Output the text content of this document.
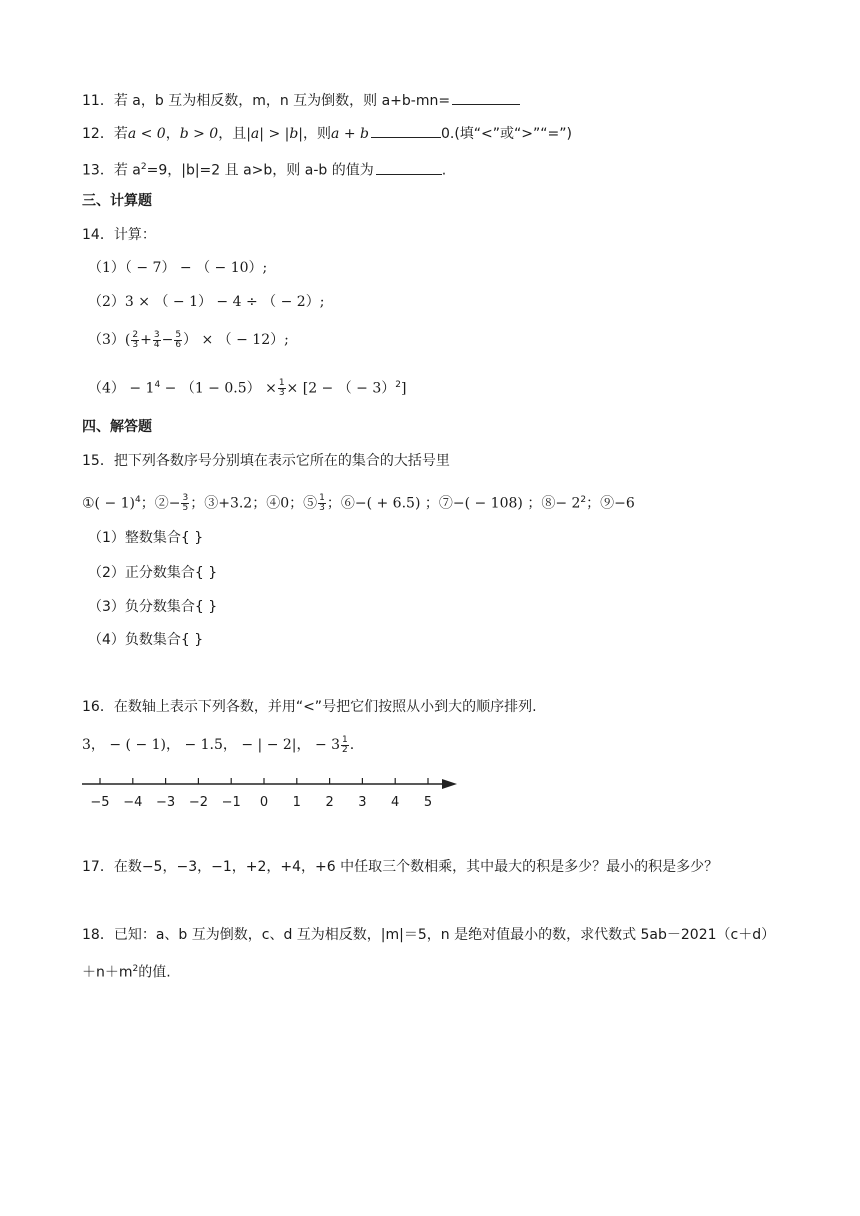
11．若 a，b 互为相反数，m，n 互为倒数，则 a+b-mn=
12．若a < 0，b > 0，且|a| > |b|，则a + b	0.(填“<”或“>”“=”)
13．若 $a^2=9$，|b|=2 且 a>b，则 a-b 的值为	.
三、计算题
14．计算：
（1）（ − 7） − （ − 10）;
（2）3 × （ − 1） − 4 ÷ （ − 2）;
$(3)( \frac{2}{3} + \frac{3}{4} - \frac{5}{6}$ ） × （ − 12）;
$(4) - 1^4 - (1 - 0.5) \times \frac{1}{3} \times [2$ − （ − 3）$^2$]
四、解答题
15．把下列各数序号分别填在表示它所在的集合的大括号里
①( − 1)$^4$；②− $\frac{3}{5}$ ；③+3.2；④0；⑤ $\frac{1}{3}$ ；⑥−( + 6.5) ；⑦−( − 108) ；⑧− $2^2$；⑨−6
（1）整数集合{ }
（2）正分数集合{ }
（3）负分数集合{ }
（4）负数集合{ }
16．在数轴上表示下列各数，并用“<”号把它们按照从小到大的顺序排列.
3， − ( − 1)， − 1.5， − | − 2|， − $3 \frac{1}{2}$ .
−5 −4 −3 −2 −1 0 1 2 3 4 5
17．在数−5，−3，−1，+2，+4，+6 中任取三个数相乘，其中最大的积是多少？最小的积是多少？
18．已知：a、b 互为倒数，c、d 互为相反数，|m|＝5，n 是绝对值最小的数，求代数式 5ab－2021（c＋d）
$+n+m^2$的值.
